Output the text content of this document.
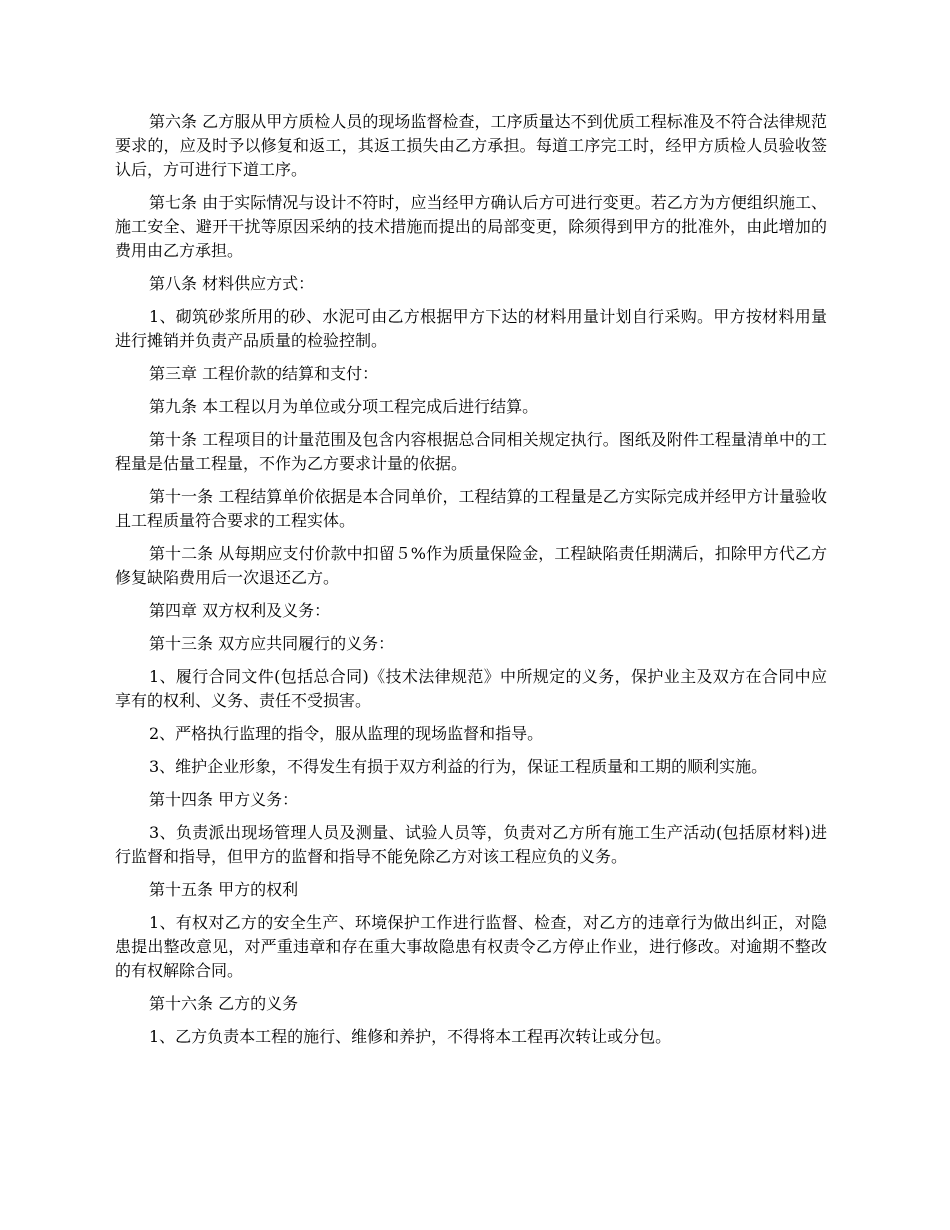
第六条 乙方服从甲方质检人员的现场监督检查，工序质量达不到优质工程标准及不符合法律规范要求的，应及时予以修复和返工，其返工损失由乙方承担。每道工序完工时，经甲方质检人员验收签认后，方可进行下道工序。

第七条 由于实际情况与设计不符时，应当经甲方确认后方可进行变更。若乙方为方便组织施工、施工安全、避开干扰等原因采纳的技术措施而提出的局部变更，除须得到甲方的批准外，由此增加的费用由乙方承担。

第八条 材料供应方式：

1、砌筑砂浆所用的砂、水泥可由乙方根据甲方下达的材料用量计划自行采购。甲方按材料用量进行摊销并负责产品质量的检验控制。

第三章 工程价款的结算和支付：

第九条 本工程以月为单位或分项工程完成后进行结算。

第十条 工程项目的计量范围及包含内容根据总合同相关规定执行。图纸及附件工程量清单中的工程量是估量工程量，不作为乙方要求计量的依据。

第十一条 工程结算单价依据是本合同单价，工程结算的工程量是乙方实际完成并经甲方计量验收且工程质量符合要求的工程实体。

第十二条 从每期应支付价款中扣留５%作为质量保险金，工程缺陷责任期满后，扣除甲方代乙方修复缺陷费用后一次退还乙方。

第四章 双方权利及义务：

第十三条 双方应共同履行的义务：

1、履行合同文件(包括总合同)《技术法律规范》中所规定的义务，保护业主及双方在合同中应享有的权利、义务、责任不受损害。

2、严格执行监理的指令，服从监理的现场监督和指导。

3、维护企业形象，不得发生有损于双方利益的行为，保证工程质量和工期的顺利实施。

第十四条 甲方义务：

3、负责派出现场管理人员及测量、试验人员等，负责对乙方所有施工生产活动(包括原材料)进行监督和指导，但甲方的监督和指导不能免除乙方对该工程应负的义务。

第十五条 甲方的权利

1、有权对乙方的安全生产、环境保护工作进行监督、检查，对乙方的违章行为做出纠正，对隐患提出整改意见，对严重违章和存在重大事故隐患有权责令乙方停止作业，进行修改。对逾期不整改的有权解除合同。

第十六条 乙方的义务

1、乙方负责本工程的施行、维修和养护，不得将本工程再次转让或分包。
